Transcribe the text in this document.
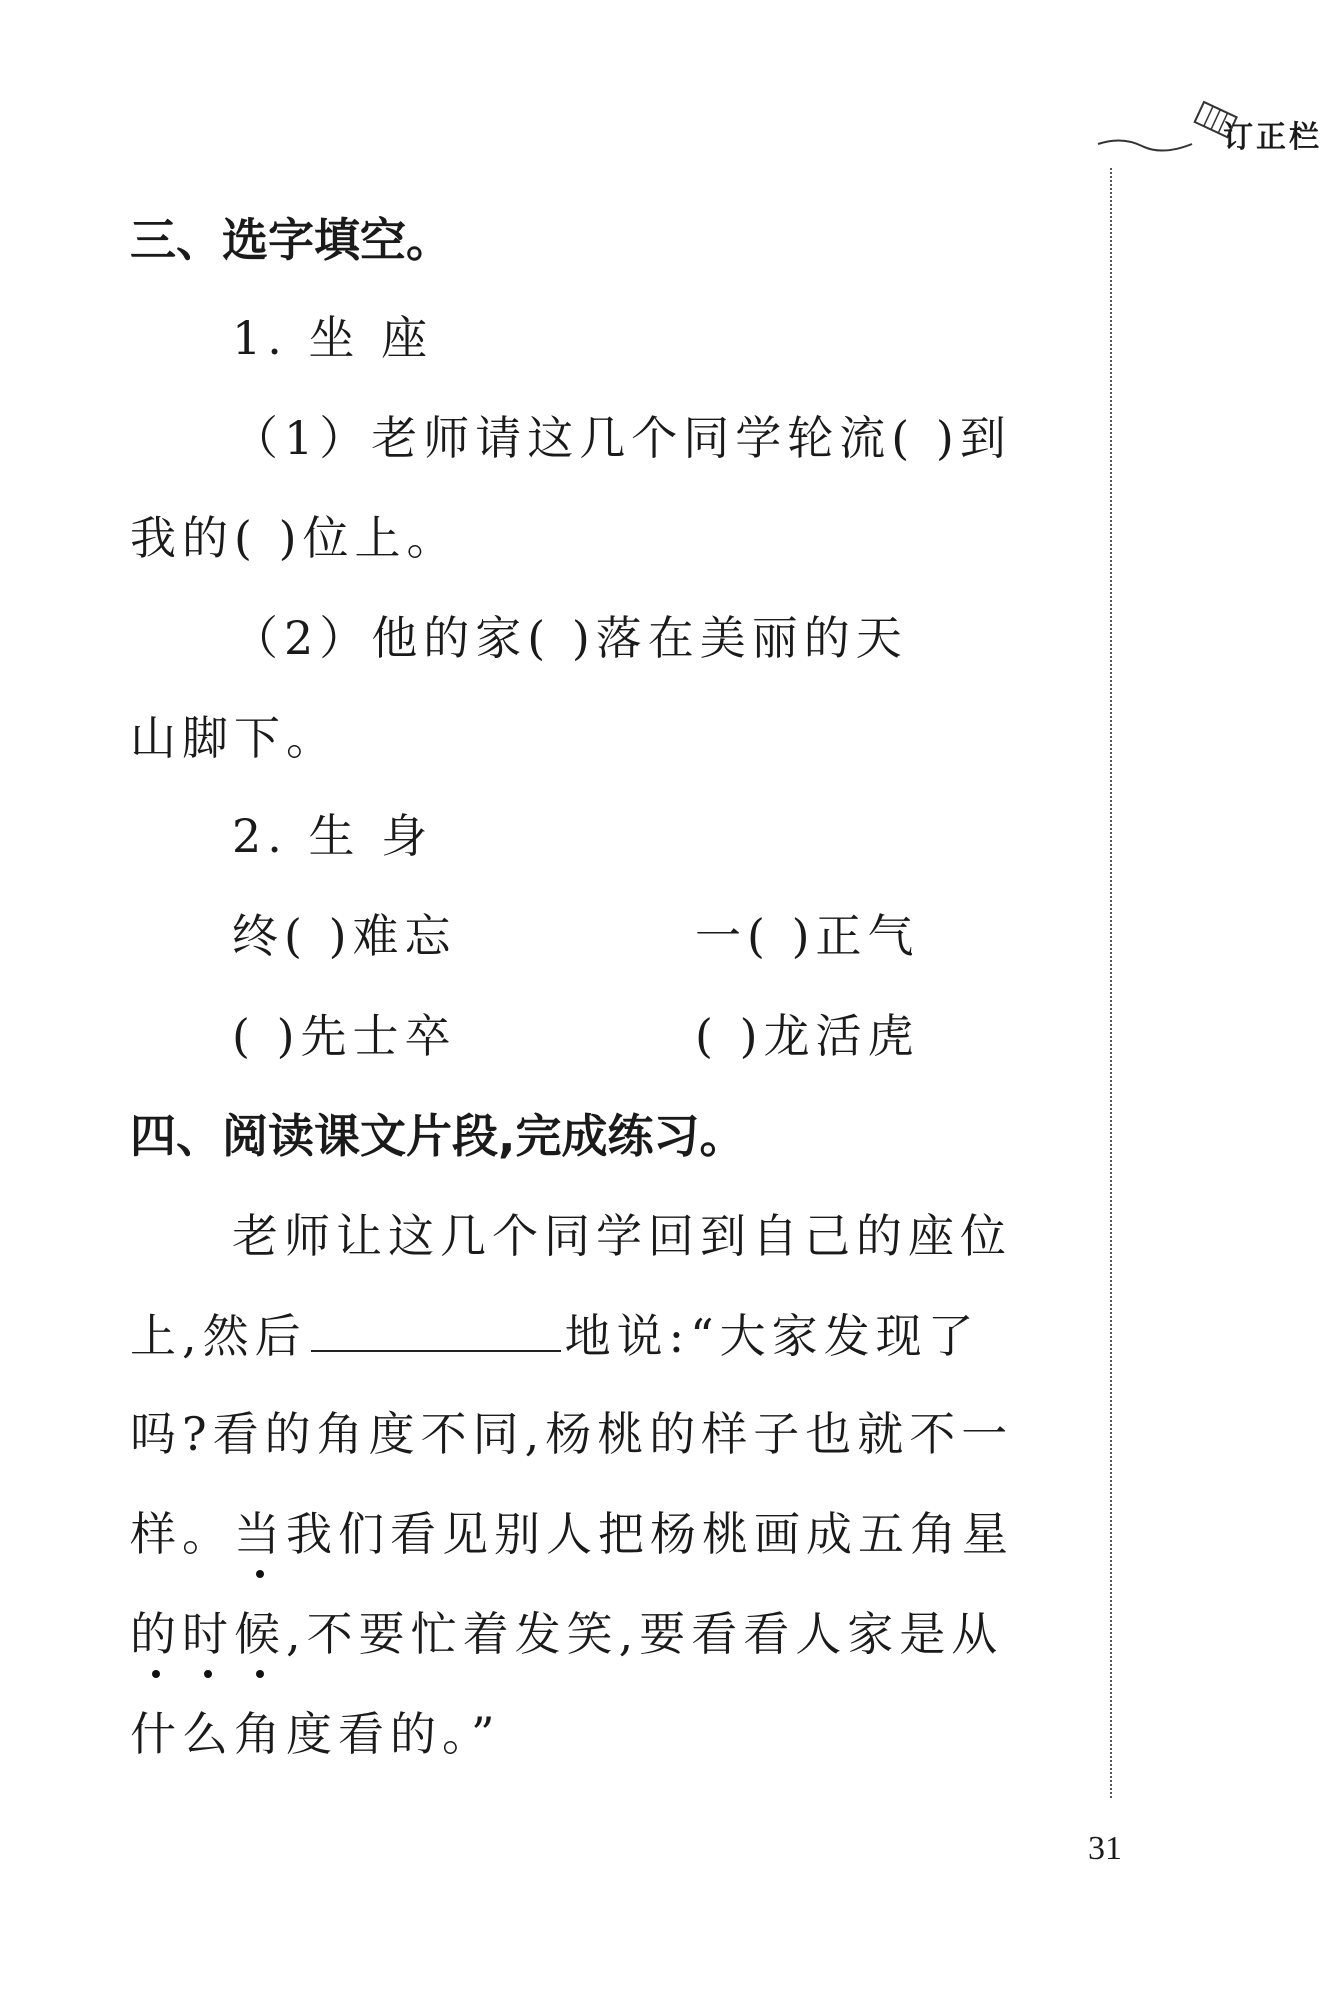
订正栏
三、选字填空。
1. 坐 座
（1）老师请这几个同学轮流( )到
我的( )位上。
（2）他的家( )落在美丽的天
山脚下。
2. 生 身
终( )难忘	一( )正气
( )先士卒	( )龙活虎
四、阅读课文片段,完成练习。
老师让这几个同学回到自己的座位
上,然后	地说:“大家发现了
吗?看的角度不同,杨桃的样子也就不一
样。当我们看见别人把杨桃画成五角星
的时候,不要忙着发笑,要看看人家是从
什么角度看的。”
31
